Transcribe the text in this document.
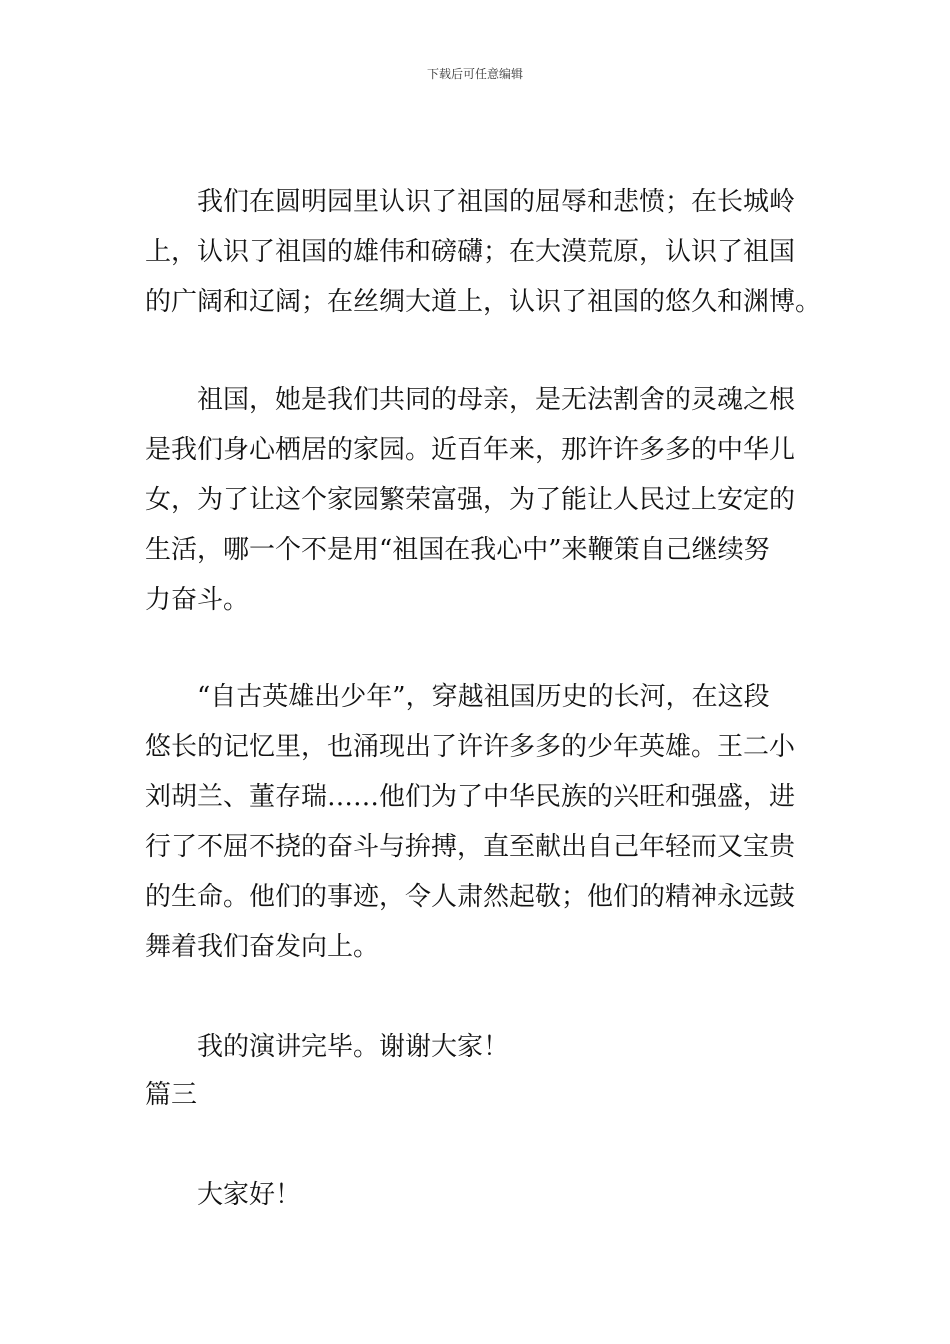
下载后可任意编辑
我们在圆明园里认识了祖国的屈辱和悲愤；在长城岭
上，认识了祖国的雄伟和磅礴；在大漠荒原，认识了祖国
的广阔和辽阔；在丝绸大道上，认识了祖国的悠久和渊博。
祖国，她是我们共同的母亲，是无法割舍的灵魂之根
是我们身心栖居的家园。近百年来，那许许多多的中华儿
女，为了让这个家园繁荣富强，为了能让人民过上安定的
生活，哪一个不是用“祖国在我心中”来鞭策自己继续努
力奋斗。
“自古英雄出少年”，穿越祖国历史的长河，在这段
悠长的记忆里，也涌现出了许许多多的少年英雄。王二小
刘胡兰、董存瑞……他们为了中华民族的兴旺和强盛，进
行了不屈不挠的奋斗与拚搏，直至献出自己年轻而又宝贵
的生命。他们的事迹，令人肃然起敬；他们的精神永远鼓
舞着我们奋发向上。
我的演讲完毕。谢谢大家！
篇三
大家好！
